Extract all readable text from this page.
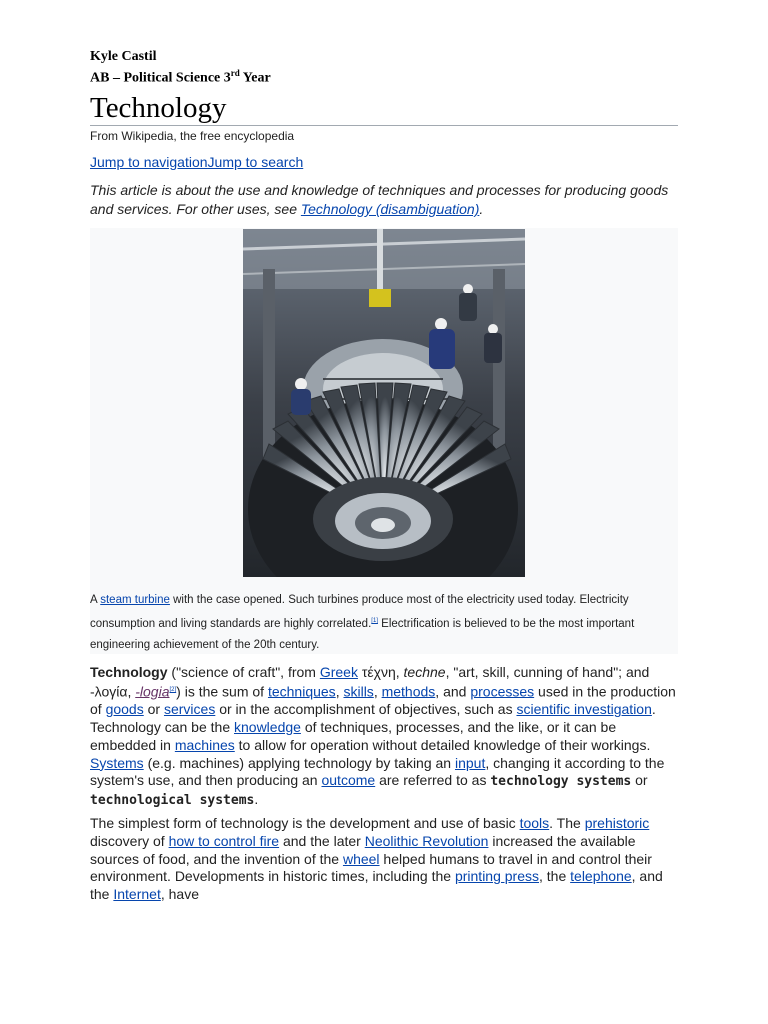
Kyle Castil
AB – Political Science 3rd Year
Technology
From Wikipedia, the free encyclopedia
Jump to navigationJump to search
This article is about the use and knowledge of techniques and processes for producing goods and services. For other uses, see Technology (disambiguation).
A steam turbine with the case opened. Such turbines produce most of the electricity used today. Electricity consumption and living standards are highly correlated.[1] Electrification is believed to be the most important engineering achievement of the 20th century.
Technology ("science of craft", from Greek τέχνη, techne, "art, skill, cunning of hand"; and -λογία, -logia[2]) is the sum of techniques, skills, methods, and processes used in the production of goods or services or in the accomplishment of objectives, such as scientific investigation. Technology can be the knowledge of techniques, processes, and the like, or it can be embedded in machines to allow for operation without detailed knowledge of their workings. Systems (e.g. machines) applying technology by taking an input, changing it according to the system's use, and then producing an outcome are referred to as technology systems or technological systems.
The simplest form of technology is the development and use of basic tools. The prehistoric discovery of how to control fire and the later Neolithic Revolution increased the available sources of food, and the invention of the wheel helped humans to travel in and control their environment. Developments in historic times, including the printing press, the telephone, and the Internet, have
